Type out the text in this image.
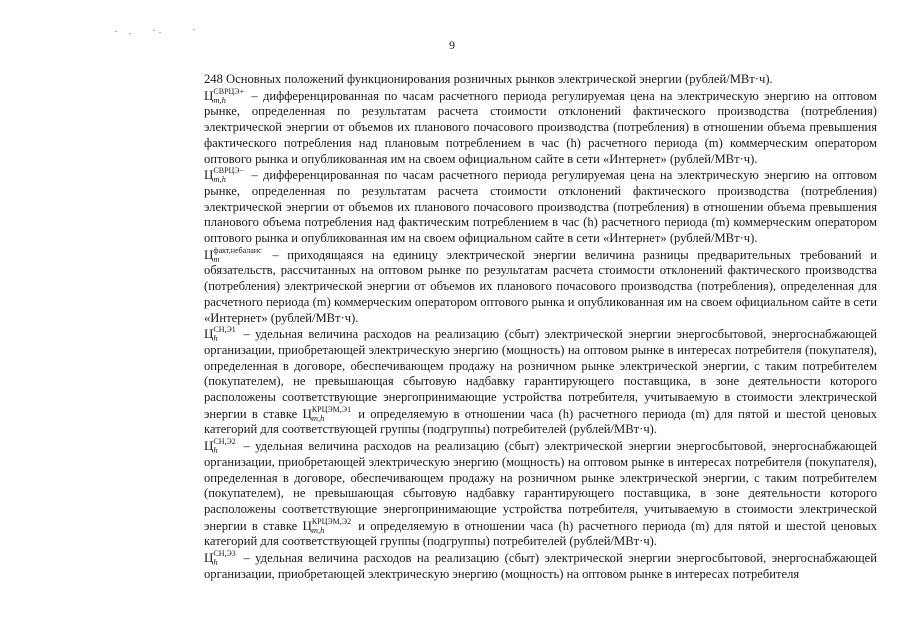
9

248 Основных положений функционирования розничных рынков электрической энергии (рублей/МВт·ч).

Ц СВРЦЭ+
m,h	– дифференцированная по часам расчетного периода регулируемая цена на электрическую энергию на оптовом рынке, определенная по результатам расчета стоимости отклонений фактического производства (потребления) электрической энергии от объемов их планового почасового производства (потребления) в отношении объема превышения фактического потребления над плановым потреблением в час (h) расчетного периода (m) коммерческим оператором оптового рынка и опубликованная им на своем официальном сайте в сети «Интернет» (рублей/МВт·ч).

Ц СВРЦЭ−
m,h	– дифференцированная по часам расчетного периода регулируемая цена на электрическую энергию на оптовом рынке, определенная по результатам расчета стоимости отклонений фактического производства (потребления) электрической энергии от объемов их планового почасового производства (потребления) в отношении объема превышения планового объема потребления над фактическим потреблением в час (h) расчетного периода (m) коммерческим оператором оптового рынка и опубликованная им на своем официальном сайте в сети «Интернет» (рублей/МВт·ч).

Ц факт,небаланс
m	– приходящаяся на единицу электрической энергии величина разницы предварительных требований и обязательств, рассчитанных на оптовом рынке по результатам расчета стоимости отклонений фактического производства (потребления) электрической энергии от объемов их планового почасового производства (потребления), определенная для расчетного периода (m) коммерческим оператором оптового рынка и опубликованная им на своем официальном сайте в сети «Интернет» (рублей/МВт·ч).

Ц СН,Э1
h	– удельная величина расходов на реализацию (сбыт) электрической энергии энергосбытовой, энергоснабжающей организации, приобретающей электрическую энергию (мощность) на оптовом рынке в интересах потребителя (покупателя), определенная в договоре, обеспечивающем продажу на розничном рынке электрической энергии, с таким потребителем (покупателем), не превышающая сбытовую надбавку гарантирующего поставщика, в зоне деятельности которого расположены соответствующие энергопринимающие устройства потребителя, учитываемую в стоимости электрической энергии в ставке Ц КРЦЭМ,Э1
m,h	и определяемую в отношении часа (h) расчетного периода (m) для пятой и шестой ценовых категорий для соответствующей группы (подгруппы) потребителей (рублей/МВт·ч).

Ц СН,Э2
h	– удельная величина расходов на реализацию (сбыт) электрической энергии энергосбытовой, энергоснабжающей организации, приобретающей электрическую энергию (мощность) на оптовом рынке в интересах потребителя (покупателя), определенная в договоре, обеспечивающем продажу на розничном рынке электрической энергии, с таким потребителем (покупателем), не превышающая сбытовую надбавку гарантирующего поставщика, в зоне деятельности которого расположены соответствующие энергопринимающие устройства потребителя, учитываемую в стоимости электрической энергии в ставке Ц КРЦЭМ,Э2
m,h	и определяемую в отношении часа (h) расчетного периода (m) для пятой и шестой ценовых категорий для соответствующей группы (подгруппы) потребителей (рублей/МВт·ч).

Ц СН,Э3
h	– удельная величина расходов на реализацию (сбыт) электрической энергии энергосбытовой, энергоснабжающей организации, приобретающей электрическую энергию (мощность) на оптовом рынке в интересах потребителя
